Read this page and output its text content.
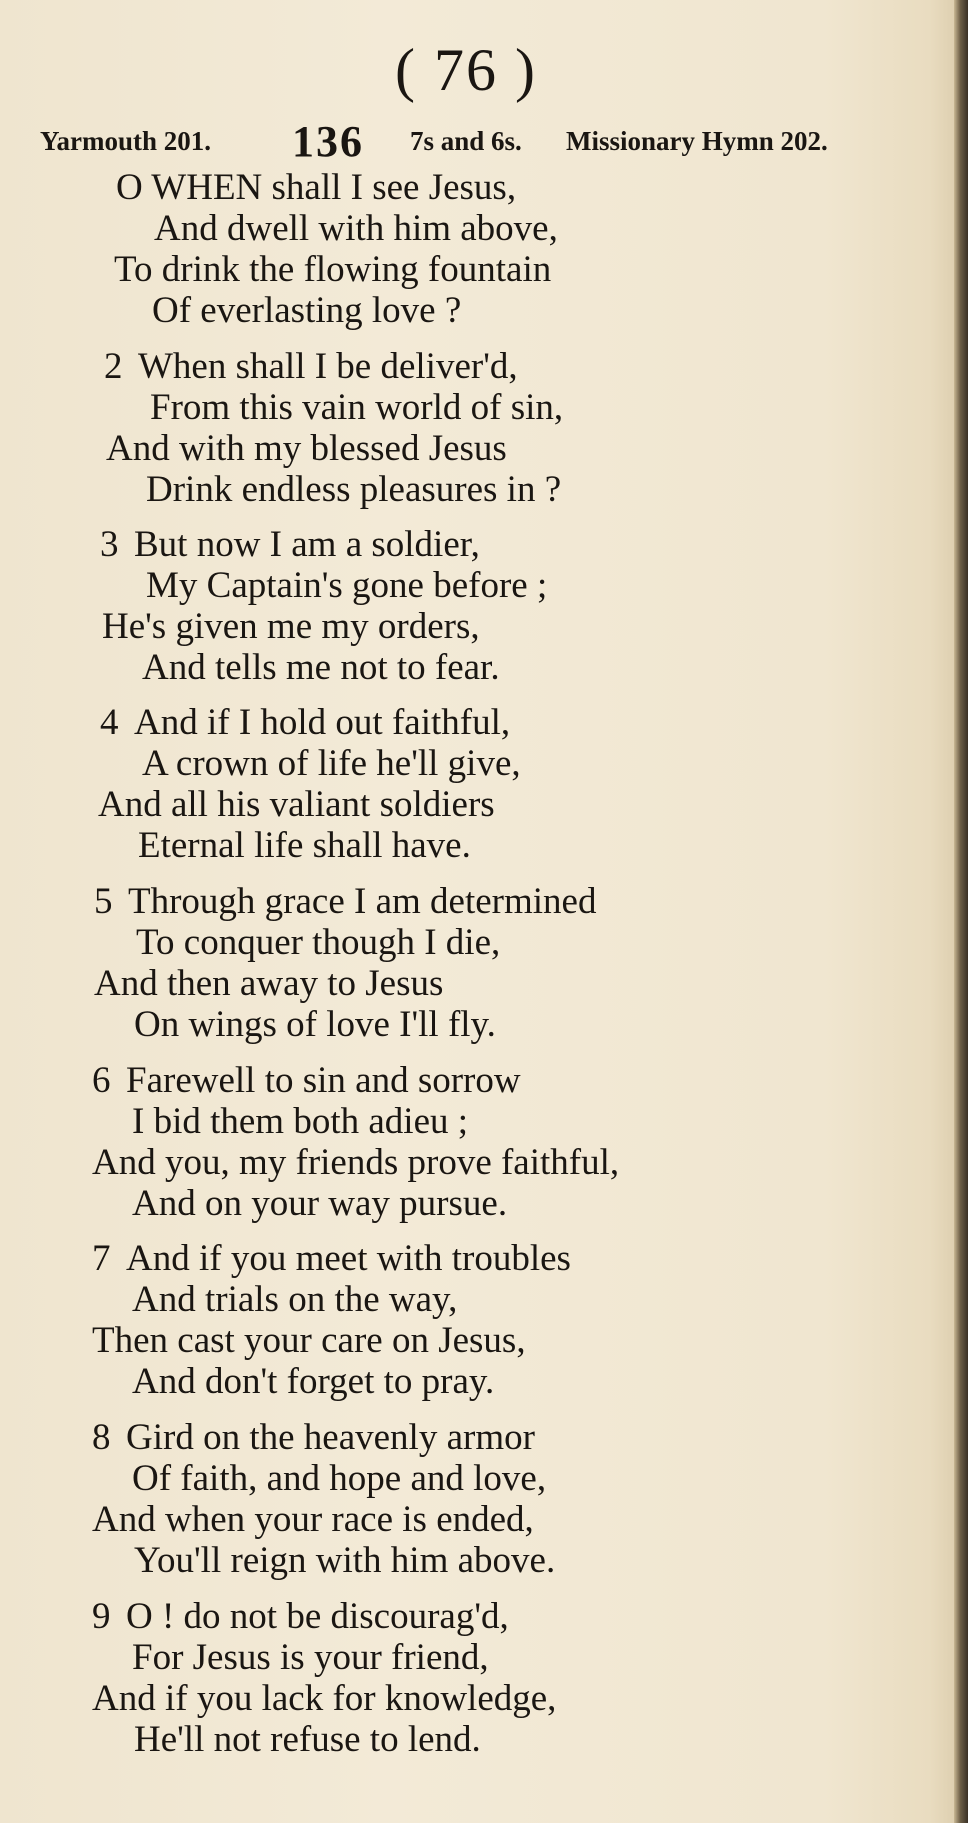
( 76 )
Yarmouth 201. 136 7s and 6s. Missionary Hymn 202.
O WHEN shall I see Jesus,
And dwell with him above,
To drink the flowing fountain
Of everlasting love ?
2 When shall I be deliver'd,
From this vain world of sin,
And with my blessed Jesus
Drink endless pleasures in ?
3 But now I am a soldier,
My Captain's gone before ;
He's given me my orders,
And tells me not to fear.
4 And if I hold out faithful,
A crown of life he'll give,
And all his valiant soldiers
Eternal life shall have.
5 Through grace I am determined
To conquer though I die,
And then away to Jesus
On wings of love I'll fly.
6 Farewell to sin and sorrow
I bid them both adieu ;
And you, my friends prove faithful,
And on your way pursue.
7 And if you meet with troubles
And trials on the way,
Then cast your care on Jesus,
And don't forget to pray.
8 Gird on the heavenly armor
Of faith, and hope and love,
And when your race is ended,
You'll reign with him above.
9 O ! do not be discourag'd,
For Jesus is your friend,
And if you lack for knowledge,
He'll not refuse to lend.
